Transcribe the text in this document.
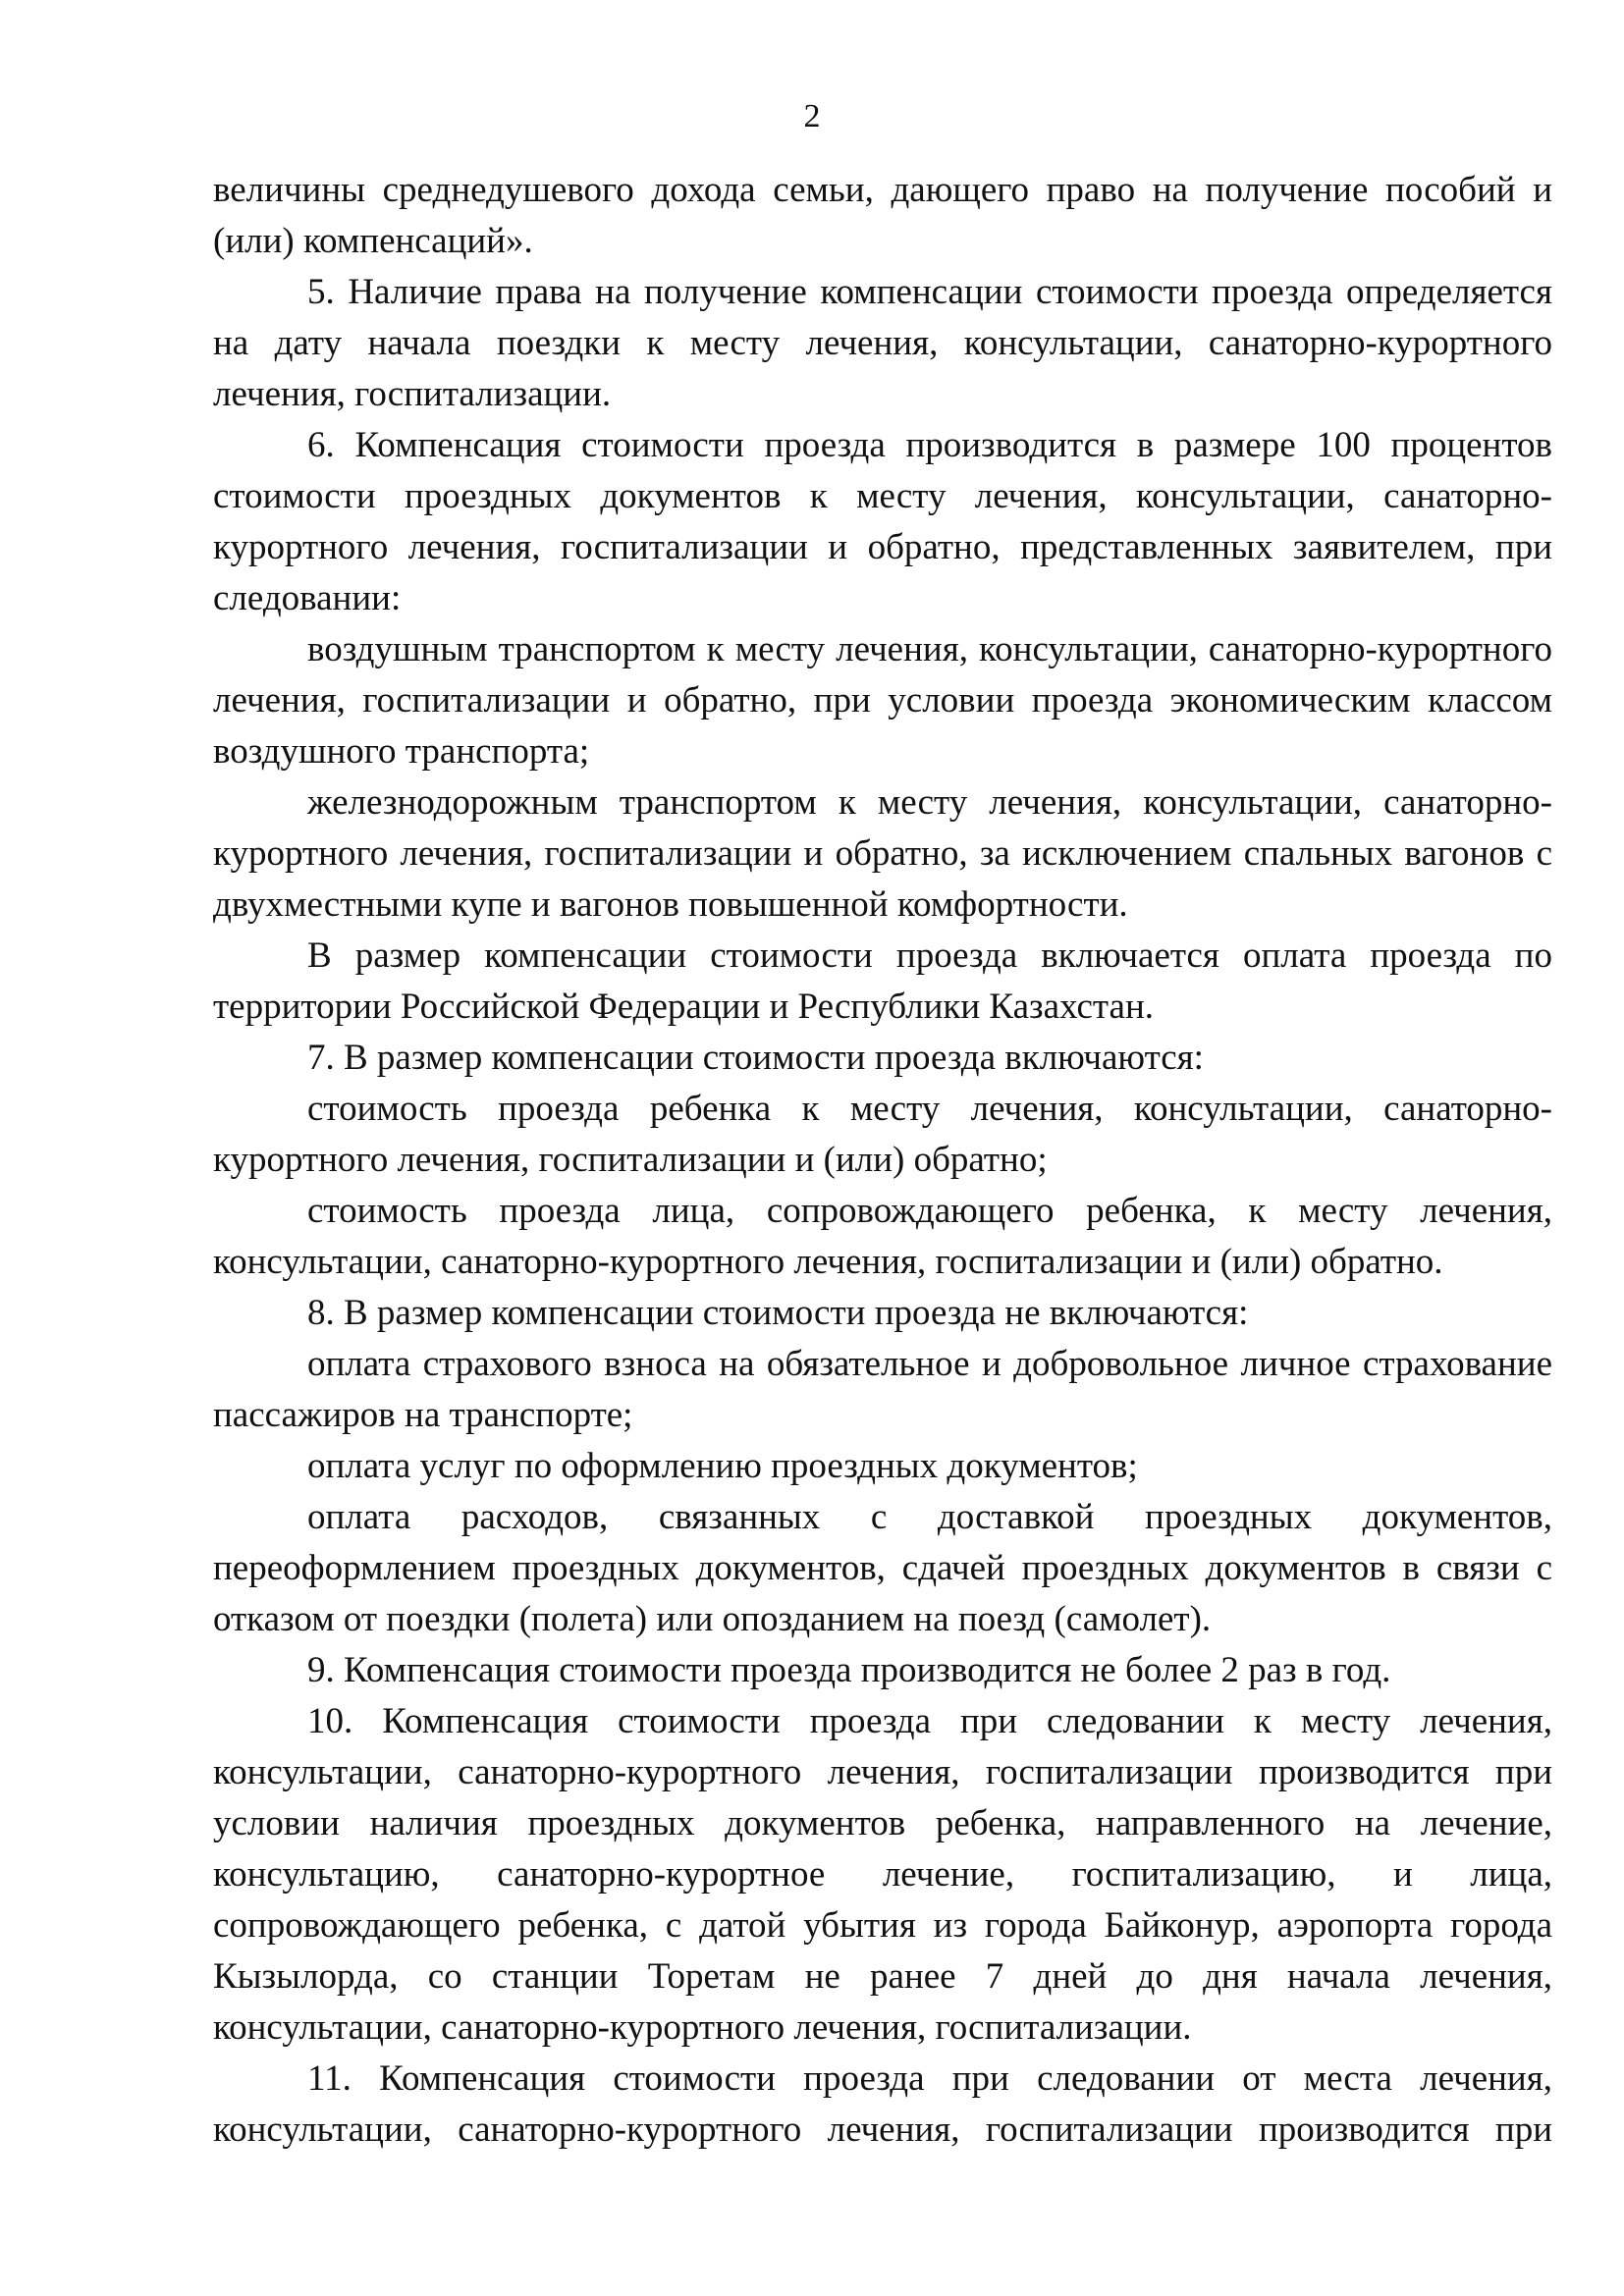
2

величины среднедушевого дохода семьи, дающего право на получение пособий и (или) компенсаций».

5. Наличие права на получение компенсации стоимости проезда определяется на дату начала поездки к месту лечения, консультации, санаторно-курортного лечения, госпитализации.

6. Компенсация стоимости проезда производится в размере 100 процентов стоимости проездных документов к месту лечения, консультации, санаторно-курортного лечения, госпитализации и обратно, представленных заявителем, при следовании:

воздушным транспортом к месту лечения, консультации, санаторно-курортного лечения, госпитализации и обратно, при условии проезда экономическим классом воздушного транспорта;

железнодорожным транспортом к месту лечения, консультации, санаторно-курортного лечения, госпитализации и обратно, за исключением спальных вагонов с двухместными купе и вагонов повышенной комфортности.

В размер компенсации стоимости проезда включается оплата проезда по территории Российской Федерации и Республики Казахстан.

7. В размер компенсации стоимости проезда включаются:

стоимость проезда ребенка к месту лечения, консультации, санаторно-курортного лечения, госпитализации и (или) обратно;

стоимость проезда лица, сопровождающего ребенка, к месту лечения, консультации, санаторно-курортного лечения, госпитализации и (или) обратно.

8. В размер компенсации стоимости проезда не включаются:

оплата страхового взноса на обязательное и добровольное личное страхование пассажиров на транспорте;

оплата услуг по оформлению проездных документов;

оплата расходов, связанных с доставкой проездных документов, переоформлением проездных документов, сдачей проездных документов в связи с отказом от поездки (полета) или опозданием на поезд (самолет).

9. Компенсация стоимости проезда производится не более 2 раз в год.

10. Компенсация стоимости проезда при следовании к месту лечения, консультации, санаторно-курортного лечения, госпитализации производится при условии наличия проездных документов ребенка, направленного на лечение, консультацию, санаторно-курортное лечение, госпитализацию, и лица, сопровождающего ребенка, с датой убытия из города Байконур, аэропорта города Кызылорда, со станции Торетам не ранее 7 дней до дня начала лечения, консультации, санаторно-курортного лечения, госпитализации.

11. Компенсация стоимости проезда при следовании от места лечения, консультации, санаторно-курортного лечения, госпитализации производится при
